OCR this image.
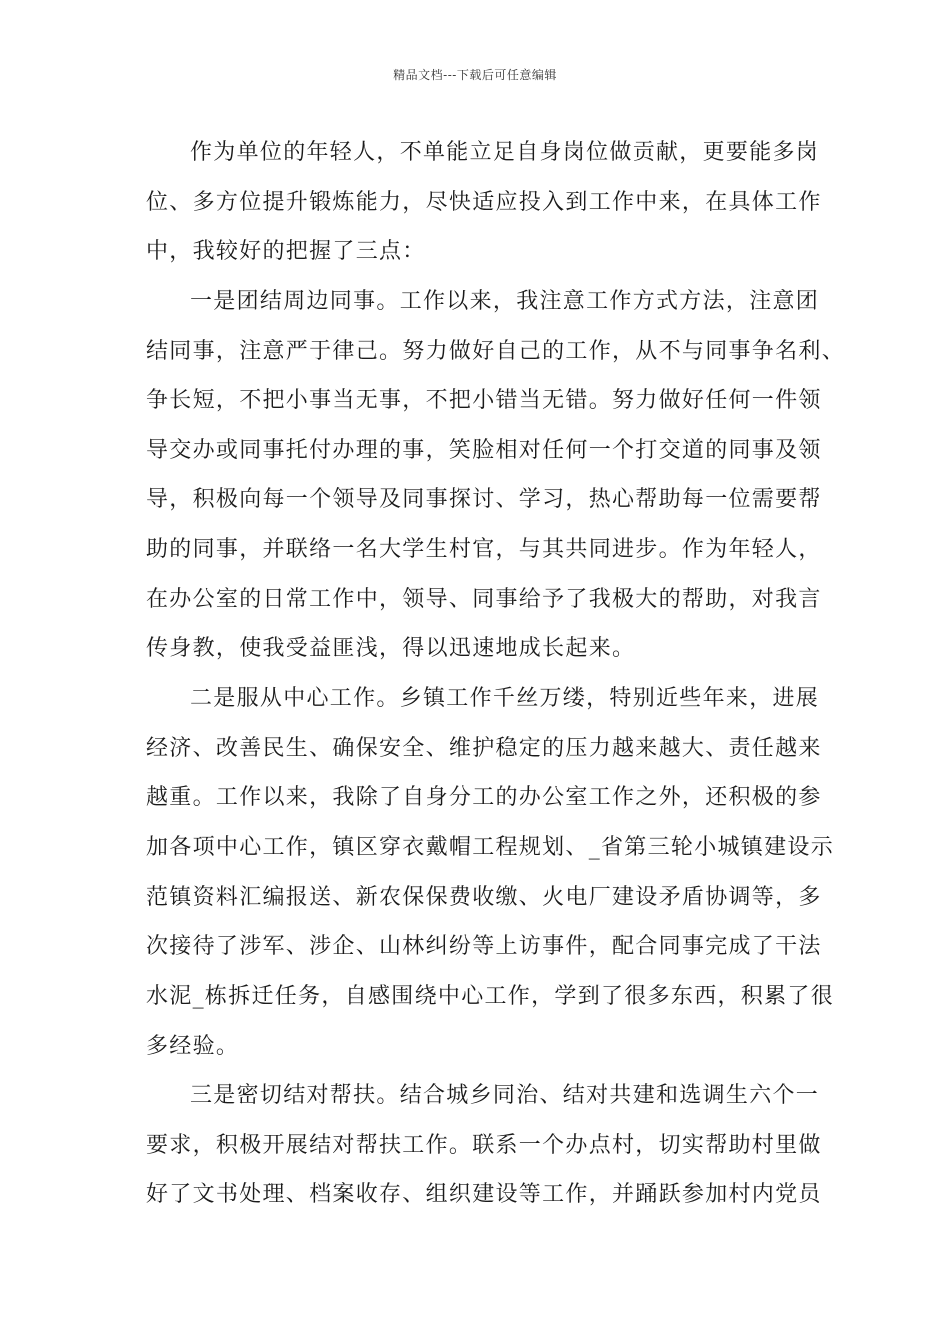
精品文档---下载后可任意编辑
作为单位的年轻人，不单能立足自身岗位做贡献，更要能多岗
位、多方位提升锻炼能力，尽快适应投入到工作中来，在具体工作
中，我较好的把握了三点：
一是团结周边同事。工作以来，我注意工作方式方法，注意团
结同事，注意严于律己。努力做好自己的工作，从不与同事争名利、
争长短，不把小事当无事，不把小错当无错。努力做好任何一件领
导交办或同事托付办理的事，笑脸相对任何一个打交道的同事及领
导，积极向每一个领导及同事探讨、学习，热心帮助每一位需要帮
助的同事，并联络一名大学生村官，与其共同进步。作为年轻人，
在办公室的日常工作中，领导、同事给予了我极大的帮助，对我言
传身教，使我受益匪浅，得以迅速地成长起来。
二是服从中心工作。乡镇工作千丝万缕，特别近些年来，进展
经济、改善民生、确保安全、维护稳定的压力越来越大、责任越来
越重。工作以来，我除了自身分工的办公室工作之外，还积极的参
加各项中心工作，镇区穿衣戴帽工程规划、_省第三轮小城镇建设示
范镇资料汇编报送、新农保保费收缴、火电厂建设矛盾协调等，多
次接待了涉军、涉企、山林纠纷等上访事件，配合同事完成了干法
水泥_栋拆迁任务，自感围绕中心工作，学到了很多东西，积累了很
多经验。
三是密切结对帮扶。结合城乡同治、结对共建和选调生六个一
要求，积极开展结对帮扶工作。联系一个办点村，切实帮助村里做
好了文书处理、档案收存、组织建设等工作，并踊跃参加村内党员
